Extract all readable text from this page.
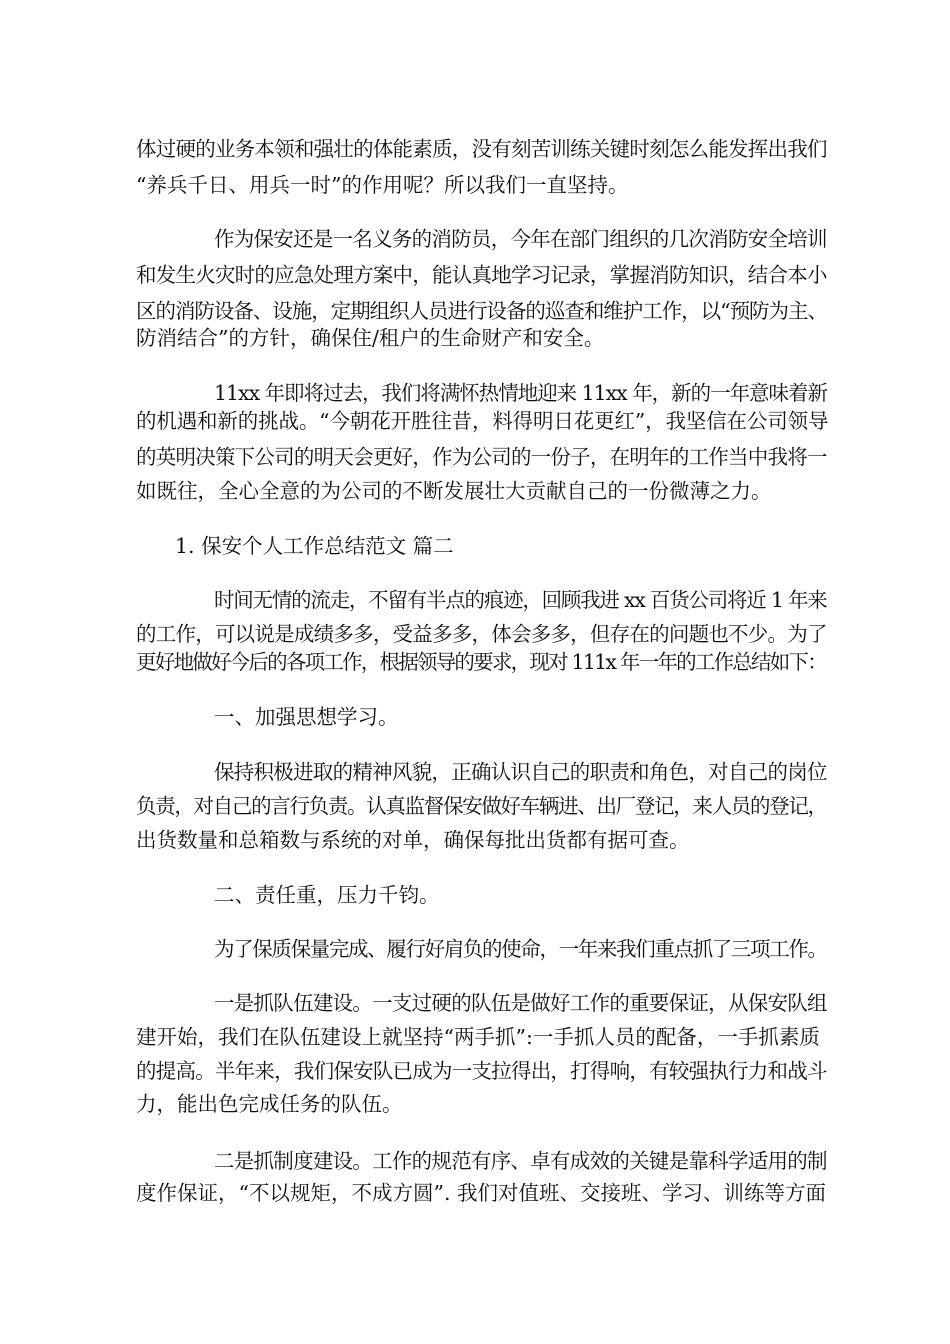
体过硬的业务本领和强壮的体能素质，没有刻苦训练关键时刻怎么能发挥出我们
“养兵千日、用兵一时”的作用呢？所以我们一直坚持。
作为保安还是一名义务的消防员，今年在部门组织的几次消防安全培训
和发生火灾时的应急处理方案中，能认真地学习记录，掌握消防知识，结合本小
区的消防设备、设施，定期组织人员进行设备的巡查和维护工作，以“预防为主、
防消结合”的方针，确保住/租户的生命财产和安全。
11xx 年即将过去，我们将满怀热情地迎来 11xx 年，新的一年意味着新
的机遇和新的挑战。“今朝花开胜往昔，料得明日花更红”，我坚信在公司领导
的英明决策下公司的明天会更好，作为公司的一份子，在明年的工作当中我将一
如既往，全心全意的为公司的不断发展壮大贡献自己的一份微薄之力。
1. 保安个人工作总结范文 篇二
时间无情的流走，不留有半点的痕迹，回顾我进 xx 百货公司将近 1 年来
的工作，可以说是成绩多多，受益多多，体会多多，但存在的问题也不少。为了
更好地做好今后的各项工作，根据领导的要求，现对 111x 年一年的工作总结如下：
一、加强思想学习。
保持积极进取的精神风貌，正确认识自己的职责和角色，对自己的岗位
负责，对自己的言行负责。认真监督保安做好车辆进、出厂登记，来人员的登记，
出货数量和总箱数与系统的对单，确保每批出货都有据可查。
二、责任重，压力千钧。
为了保质保量完成、履行好肩负的使命，一年来我们重点抓了三项工作。
一是抓队伍建设。一支过硬的队伍是做好工作的重要保证，从保安队组
建开始，我们在队伍建设上就坚持“两手抓”:一手抓人员的配备，一手抓素质
的提高。半年来，我们保安队已成为一支拉得出，打得响，有较强执行力和战斗
力，能出色完成任务的队伍。
二是抓制度建设。工作的规范有序、卓有成效的关键是靠科学适用的制
度作保证，“不以规矩，不成方圆”. 我们对值班、交接班、学习、训练等方面
